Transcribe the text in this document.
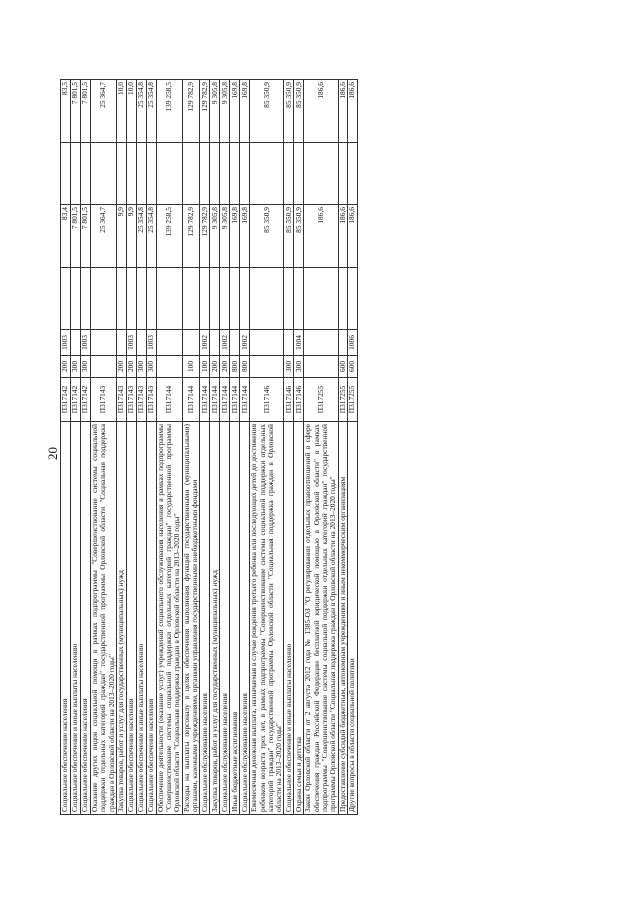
20
Социальное обеспечение населения	П317142	200	1003		83,4		83,5
Социальное обеспечение и иные выплаты населению	П317142	300			7 801,5		7 801,5
Социальное обеспечение населения	П317142	300	1003		7 801,5		7 801,5
Оказание других видов социальной помощи в рамках подпрограммы "Совершенствование системы социальной поддержки отдельных категорий граждан" государственной программы Орловской области "Социальная поддержка граждан в Орловской области на 2013–2020 годы"	П317143				25 364,7		25 364,7
Закупка товаров, работ и услуг для государственных (муниципальных) нужд	П317143	200			9,9		10,0
Социальное обеспечение населения	П317143	200	1003		9,9		10,0
Социальное обеспечение и иные выплаты населению	П317143	300			25 354,8		25 354,8
Социальное обеспечение населения	П317143	300	1003		25 354,8		25 354,8
Обеспечение деятельности (оказание услуг) учреждений социального обслуживания населения в рамках подпрограммы "Совершенствование системы социальной поддержки отдельных категорий граждан" государственной программы Орловской области "Социальная поддержка граждан в Орловской области на 2013–2020 годы"	П317144				139 258,5		139 258,5
Расходы на выплаты персоналу в целях обеспечения выполнения функций государственными (муниципальными) органами, казенными учреждениями, органами управления государственными внебюджетными фондами	П317144	100			129 782,9		129 782,9
Социальное обслуживание населения	П317144	100	1002		129 782,9		129 782,9
Закупка товаров, работ и услуг для государственных (муниципальных) нужд	П317144	200			9 305,8		9 305,8
Социальное обслуживание населения	П317144	200	1002		9 305,8		9 305,8
Иные бюджетные ассигнования	П317144	800			169,8		169,8
Социальное обслуживание населения	П317144	800	1002		169,8		169,8
Ежемесячная денежная выплата, назначаемая в случае рождения третьего ребенка или последующих детей до достижения ребенком возраста трех лет, в рамках подпрограммы "Совершенствование системы социальной поддержки отдельных категорий граждан" государственной программы Орловской области "Социальная поддержка граждан в Орловской области на 2013–2020 годы"	П317146				85 350,9		85 350,9
Социальное обеспечение и иные выплаты населению	П317146	300			85 350,9		85 350,9
Охрана семьи и детства	П317146	300	1004		85 350,9		85 350,9
Закон Орловской области от 2 августа 2012 года № 1385-ОЗ "О регулировании отдельных правоотношений в сфере обеспечения граждан Российской Федерации бесплатной юридической помощью в Орловской области" в рамках подпрограммы "Совершенствование системы социальной поддержки отдельных категорий граждан" государственной программы Орловской области "Социальная поддержка граждан в Орловской области на 2013–2020 годы"	П317255				186,6		186,6
Предоставление субсидий бюджетным, автономным учреждениям и иным некоммерческим организациям	П317255	600			186,6		186,6
Другие вопросы в области социальной политики	П317255	600	1006		186,6		186,6
